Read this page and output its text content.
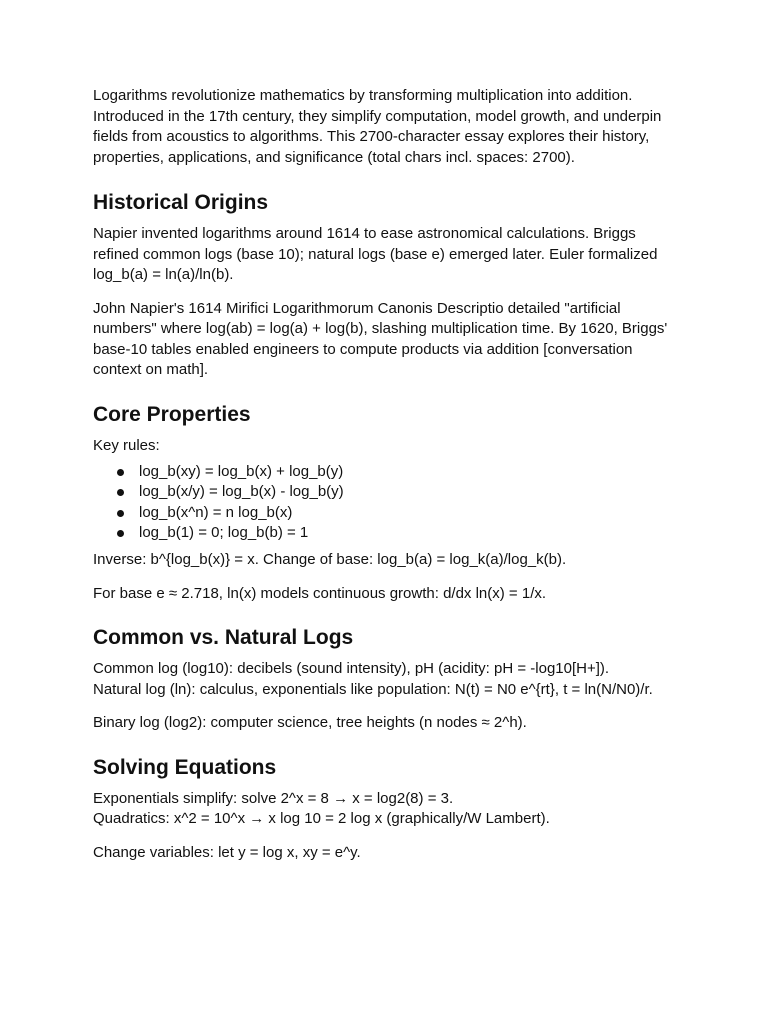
Logarithms revolutionize mathematics by transforming multiplication into addition. Introduced in the 17th century, they simplify computation, model growth, and underpin fields from acoustics to algorithms. This 2700-character essay explores their history, properties, applications, and significance (total chars incl. spaces: 2700).

Historical Origins

Napier invented logarithms around 1614 to ease astronomical calculations. Briggs refined common logs (base 10); natural logs (base e) emerged later. Euler formalized log_b(a) = ln(a)/ln(b).

John Napier's 1614 Mirifici Logarithmorum Canonis Descriptio detailed "artificial numbers" where log(ab) = log(a) + log(b), slashing multiplication time. By 1620, Briggs' base-10 tables enabled engineers to compute products via addition [conversation context on math].

Core Properties

Key rules:

log_b(xy) = log_b(x) + log_b(y)
log_b(x/y) = log_b(x) - log_b(y)
log_b(x^n) = n log_b(x)
log_b(1) = 0; log_b(b) = 1

Inverse: b^{log_b(x)} = x. Change of base: log_b(a) = log_k(a)/log_k(b).

For base e ≈ 2.718, ln(x) models continuous growth: d/dx ln(x) = 1/x.

Common vs. Natural Logs

Common log (log10): decibels (sound intensity), pH (acidity: pH = -log10[H+]).

Natural log (ln): calculus, exponentials like population: N(t) = N0 e^{rt}, t = ln(N/N0)/r.

Binary log (log2): computer science, tree heights (n nodes ≈ 2^h).

Solving Equations

Exponentials simplify: solve 2^x = 8 → x = log2(8) = 3.

Quadratics: x^2 = 10^x → x log 10 = 2 log x (graphically/W Lambert).

Change variables: let y = log x, xy = e^y.
